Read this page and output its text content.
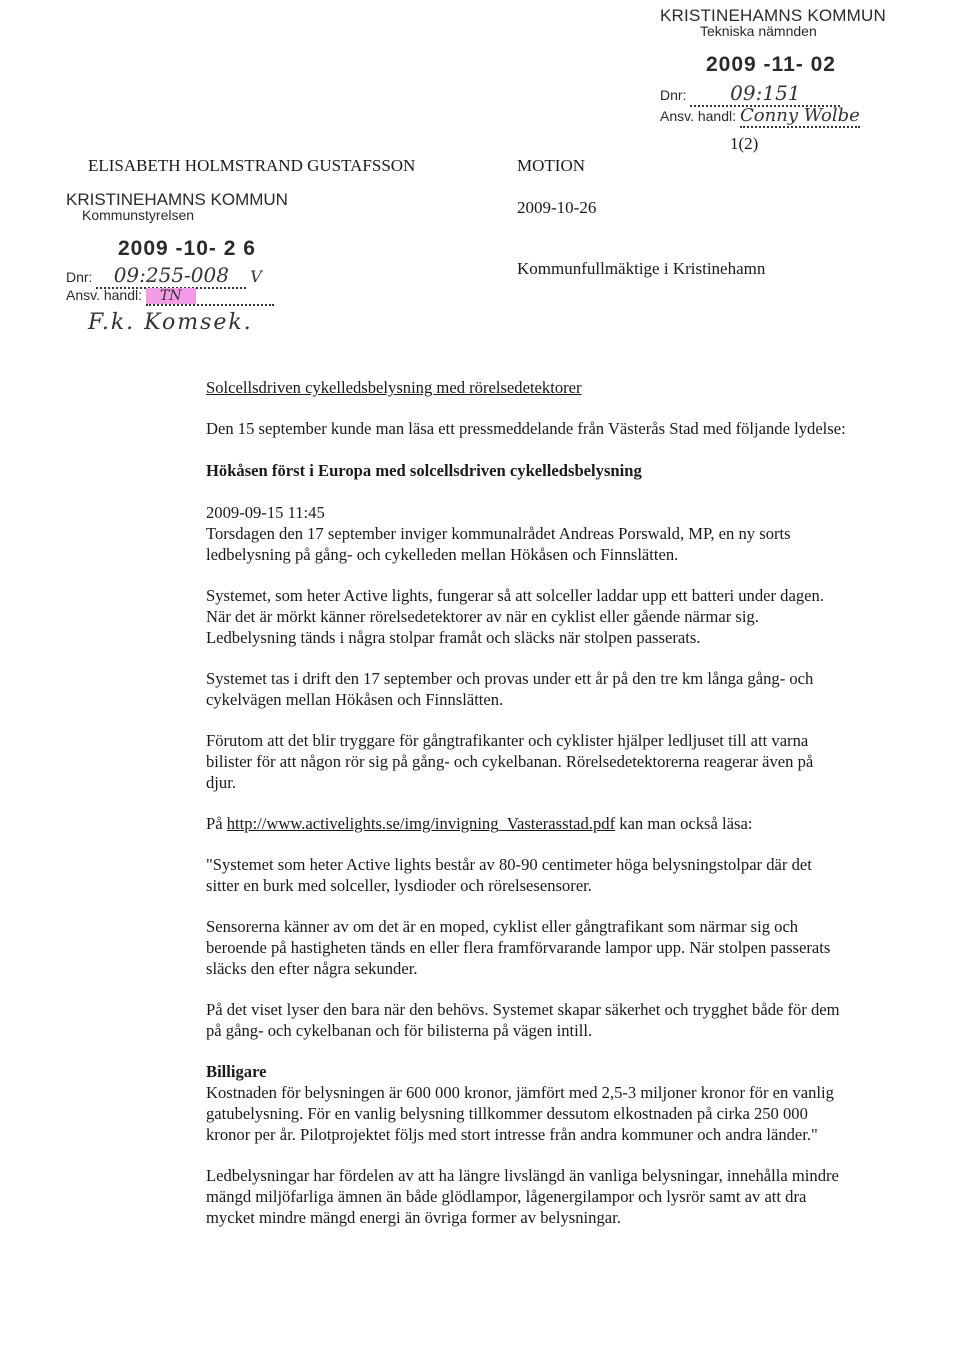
KRISTINEHAMNS KOMMUN
Tekniska nämnden
2009 -11- 02
Dnr: 09:151
Ansv. handl: Conny Wolbe
1(2)
ELISABETH HOLMSTRAND GUSTAFSSON	MOTION
2009-10-26
Kommunfullmäktige i Kristinehamn
KRISTINEHAMNS KOMMUN
Kommunstyrelsen
2009 -10- 2 6
Dnr: 09:255-008 V
Ansv. handl: TN
F.k. Komsek.

Solcellsdriven cykelledsbelysning med rörelsedetektorer

Den 15 september kunde man läsa ett pressmeddelande från Västerås Stad med följande lydelse:

Hökåsen först i Europa med solcellsdriven cykelledsbelysning

2009-09-15 11:45

Torsdagen den 17 september inviger kommunalrådet Andreas Porswald, MP, en ny sorts ledbelysning på gång- och cykelleden mellan Hökåsen och Finnslätten.

Systemet, som heter Active lights, fungerar så att solceller laddar upp ett batteri under dagen. När det är mörkt känner rörelsedetektorer av när en cyklist eller gående närmar sig. Ledbelysning tänds i några stolpar framåt och släcks när stolpen passerats.

Systemet tas i drift den 17 september och provas under ett år på den tre km långa gång- och cykelvägen mellan Hökåsen och Finnslätten.

Förutom att det blir tryggare för gångtrafikanter och cyklister hjälper ledljuset till att varna bilister för att någon rör sig på gång- och cykelbanan. Rörelsedetektorerna reagerar även på djur.

På http://www.activelights.se/img/invigning_Vasterasstad.pdf kan man också läsa:

"Systemet som heter Active lights består av 80-90 centimeter höga belysningstolpar där det sitter en burk med solceller, lysdioder och rörelsesensorer.

Sensorerna känner av om det är en moped, cyklist eller gångtrafikant som närmar sig och beroende på hastigheten tänds en eller flera framförvarande lampor upp. När stolpen passerats släcks den efter några sekunder.

På det viset lyser den bara när den behövs. Systemet skapar säkerhet och trygghet både för dem på gång- och cykelbanan och för bilisterna på vägen intill.

Billigare

Kostnaden för belysningen är 600 000 kronor, jämfört med 2,5-3 miljoner kronor för en vanlig gatubelysning. För en vanlig belysning tillkommer dessutom elkostnaden på cirka 250 000 kronor per år. Pilotprojektet följs med stort intresse från andra kommuner och andra länder."

Ledbelysningar har fördelen av att ha längre livslängd än vanliga belysningar, innehålla mindre mängd miljöfarliga ämnen än både glödlampor, lågenergilampor och lysrör samt av att dra mycket mindre mängd energi än övriga former av belysningar.
